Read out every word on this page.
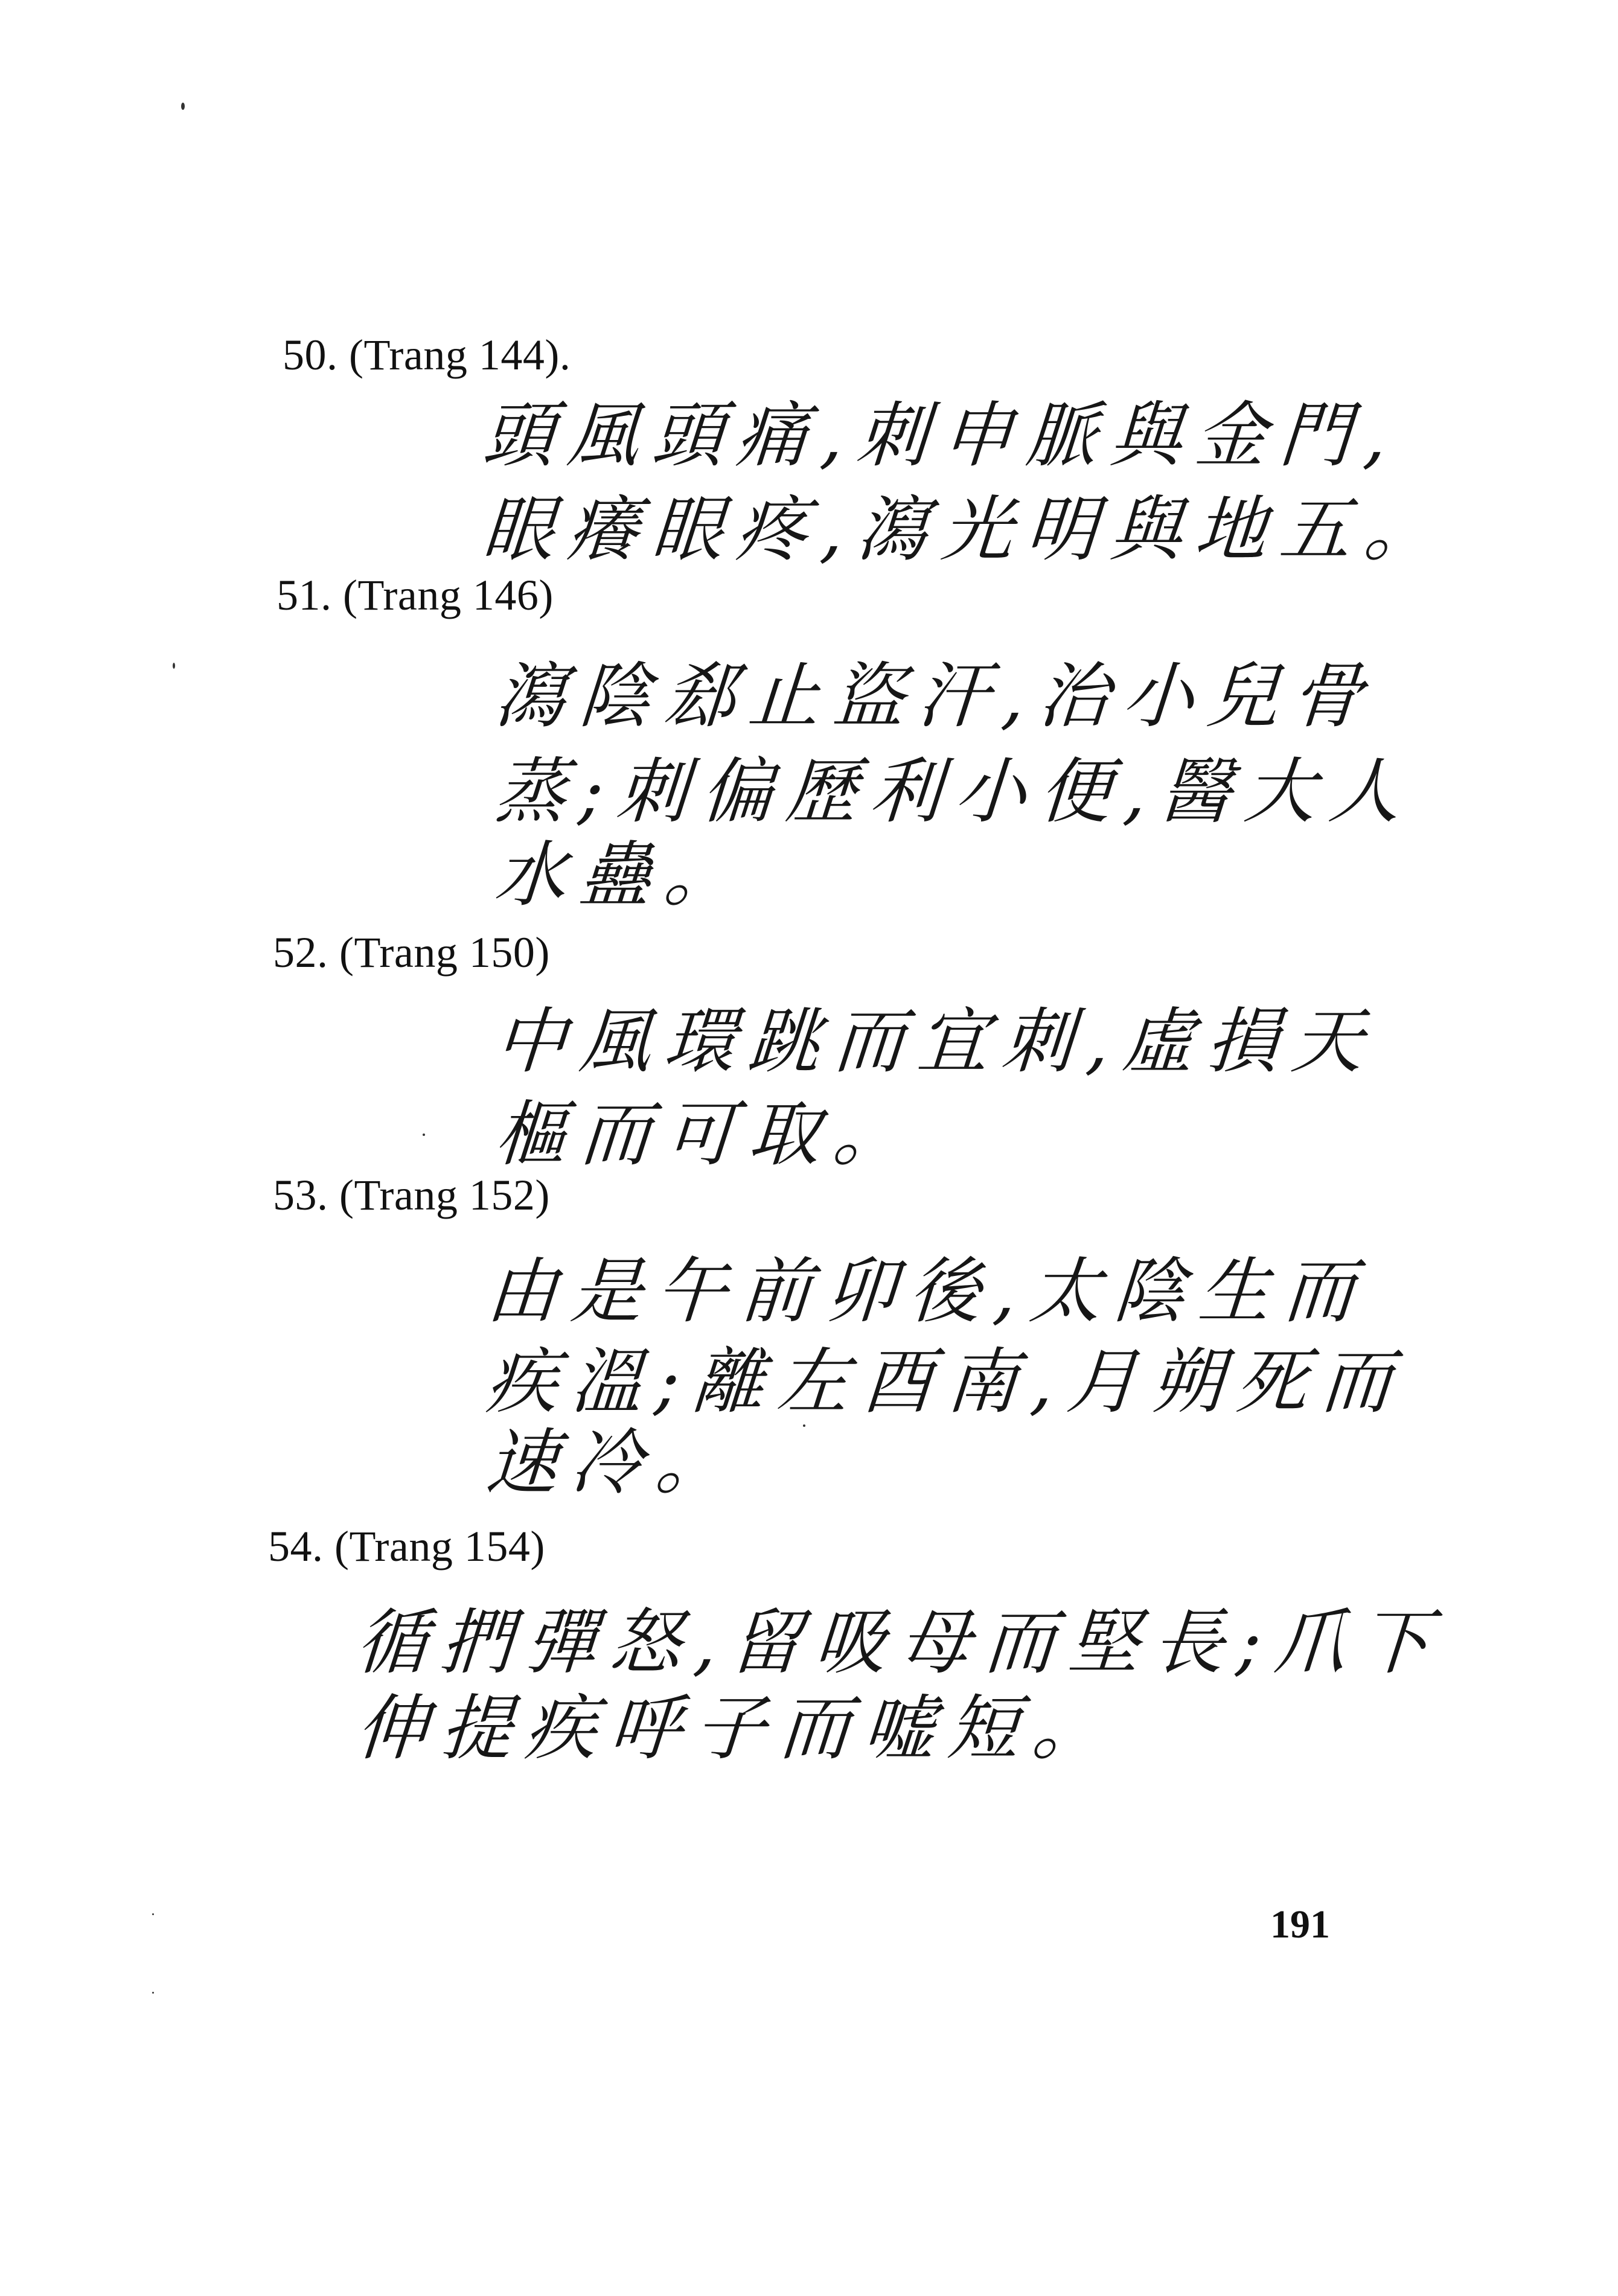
50. (Trang 144).
頭風頭痛,刺申脈與金門,
眼癢眼疼,瀉光明與地五。
51. (Trang 146)
瀉陰郄止盜汗,治小兒骨
蒸;刺偏歷利小便,醫大人
水蠱。
52. (Trang 150)
中風環跳而宜刺,虛損天
樞而可取。
53. (Trang 152)
由是午前卯後,太陰生而
疾溫;離左酉南,月朔死而
速冷。
54. (Trang 154)
循捫彈怒,留吸母而堅長;爪下
伸提疾呼子而嘘短。
191
